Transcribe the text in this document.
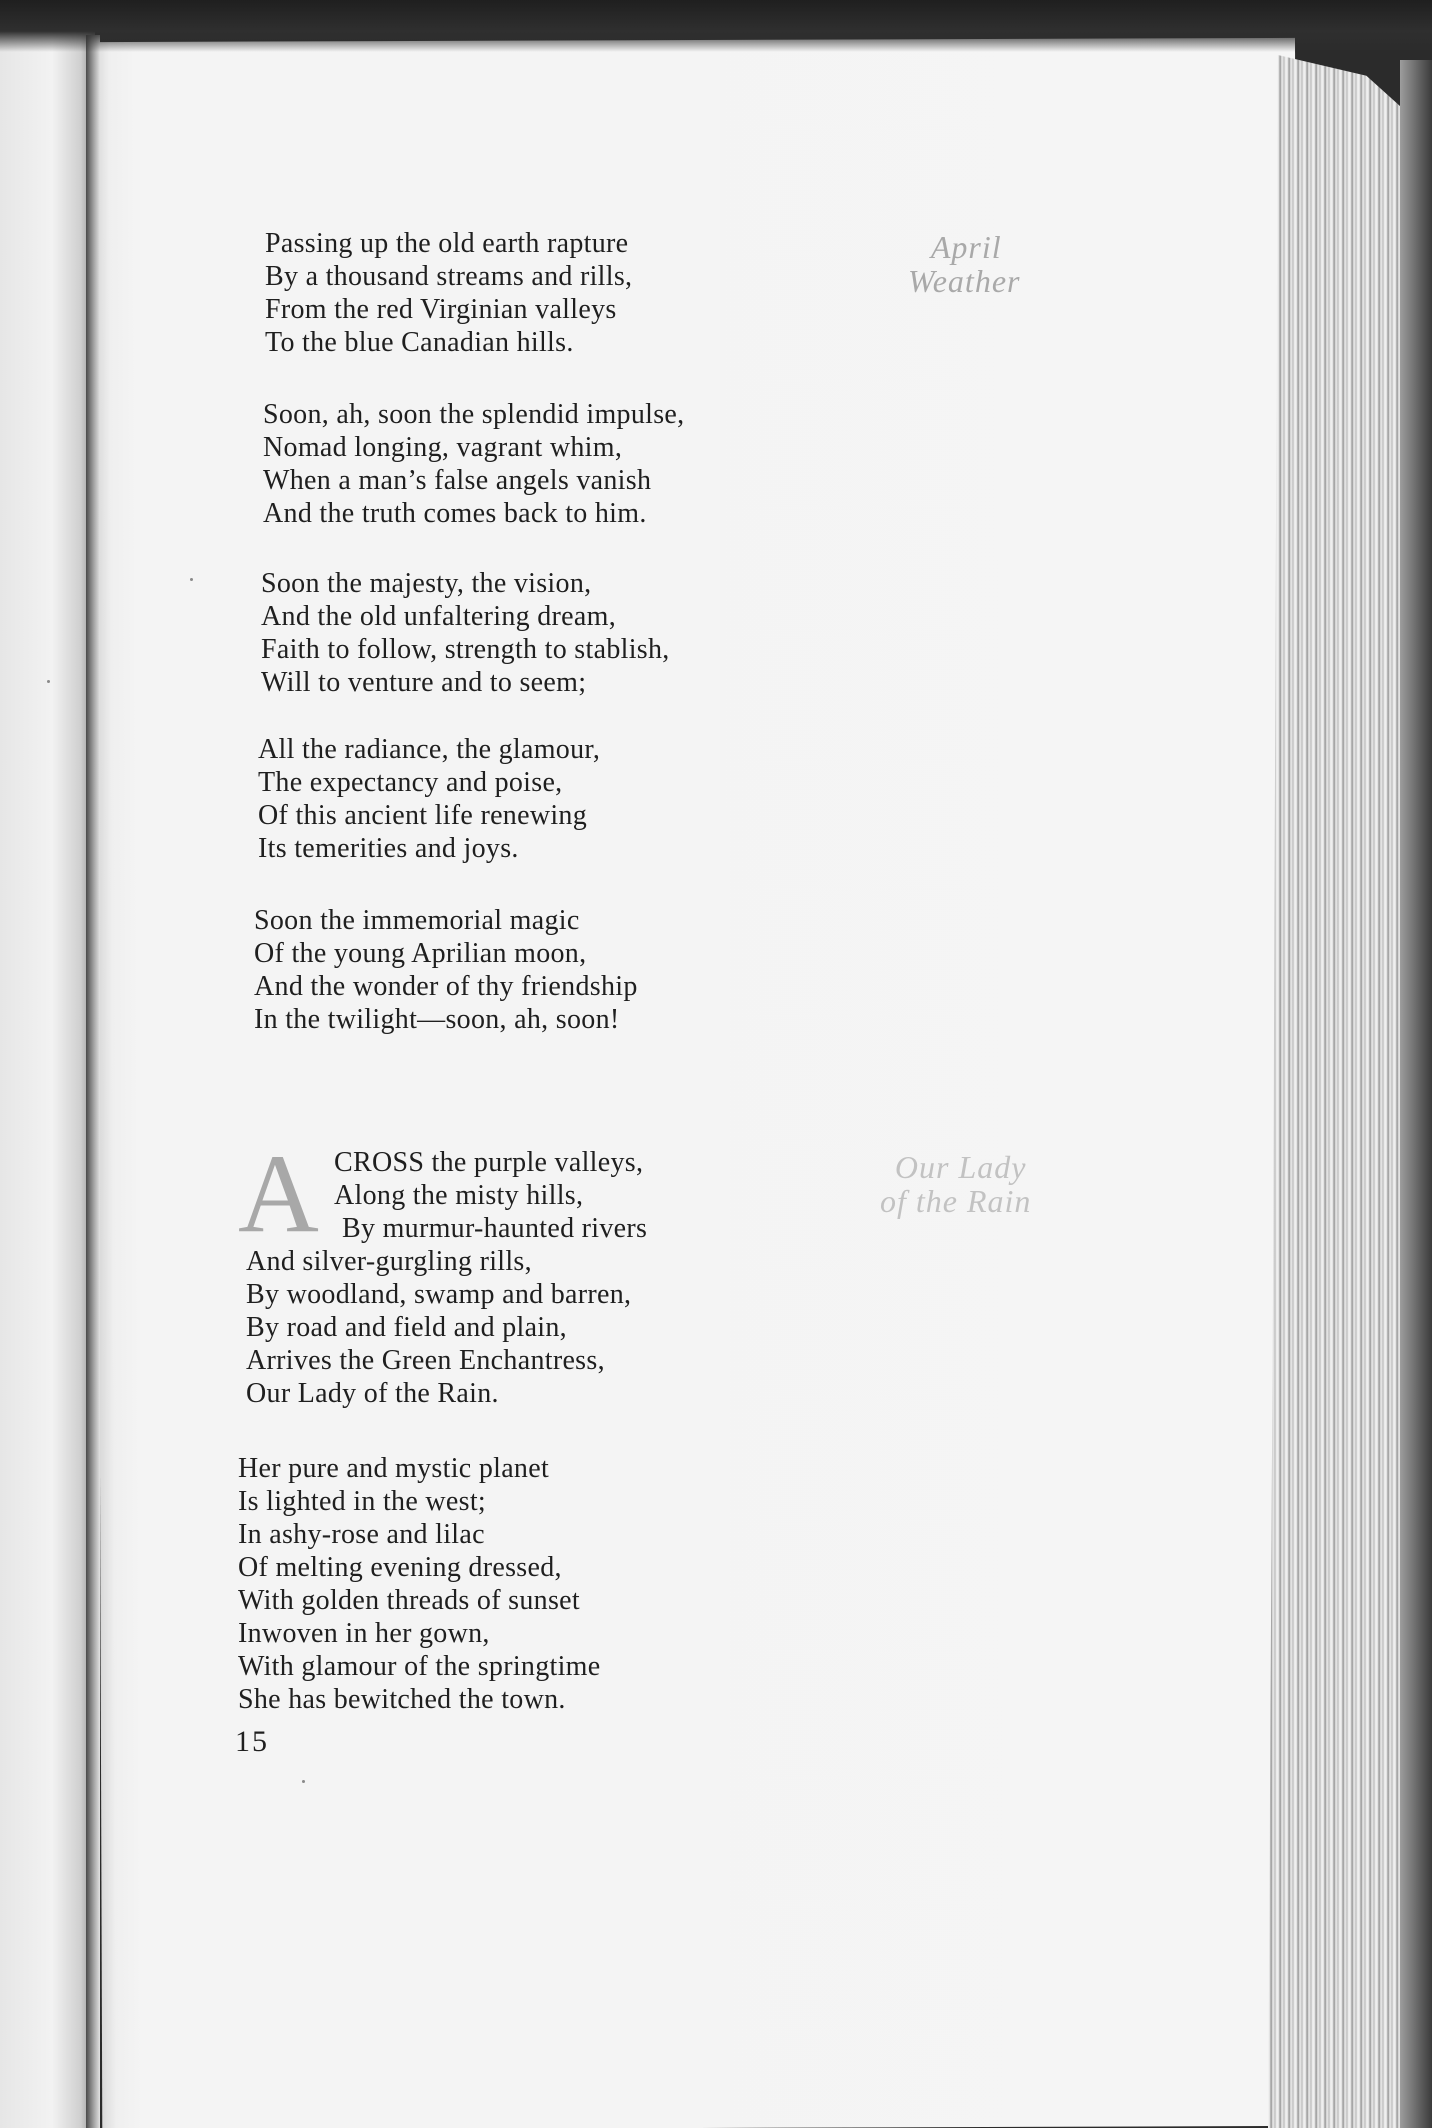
April
Weather
Passing up the old earth rapture
By a thousand streams and rills,
From the red Virginian valleys
To the blue Canadian hills.
Soon, ah, soon the splendid impulse,
Nomad longing, vagrant whim,
When a man’s false angels vanish
And the truth comes back to him.
Soon the majesty, the vision,
And the old unfaltering dream,
Faith to follow, strength to stablish,
Will to venture and to seem;
All the radiance, the glamour,
The expectancy and poise,
Of this ancient life renewing
Its temerities and joys.
Soon the immemorial magic
Of the young Aprilian moon,
And the wonder of thy friendship
In the twilight—soon, ah, soon!
Our Lady
of the Rain
A CROSS the purple valleys,
Along the misty hills,
By murmur-haunted rivers
And silver-gurgling rills,
By woodland, swamp and barren,
By road and field and plain,
Arrives the Green Enchantress,
Our Lady of the Rain.
Her pure and mystic planet
Is lighted in the west;
In ashy-rose and lilac
Of melting evening dressed,
With golden threads of sunset
Inwoven in her gown,
With glamour of the springtime
She has bewitched the town.
15
